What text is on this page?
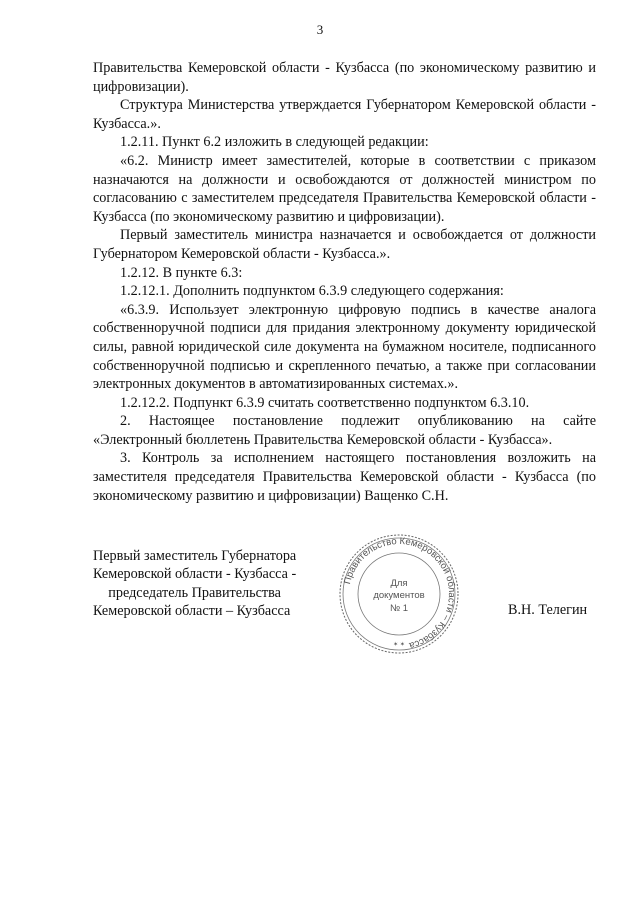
3

Правительства Кемеровской области - Кузбасса (по экономическому развитию и цифровизации).

Структура Министерства утверждается Губернатором Кемеровской области - Кузбасса.».

1.2.11. Пункт 6.2 изложить в следующей редакции:

«6.2. Министр имеет заместителей, которые в соответствии с приказом назначаются на должности и освобождаются от должностей министром по согласованию с заместителем председателя Правительства Кемеровской области - Кузбасса (по экономическому развитию и цифровизации).

Первый заместитель министра назначается и освобождается от должности Губернатором Кемеровской области - Кузбасса.».

1.2.12. В пункте 6.3:

1.2.12.1. Дополнить подпунктом 6.3.9 следующего содержания:

«6.3.9. Использует электронную цифровую подпись в качестве аналога собственноручной подписи для придания электронному документу юридической силы, равной юридической силе документа на бумажном носителе, подписанного собственноручной подписью и скрепленного печатью, а также при согласовании электронных документов в автоматизированных системах.».

1.2.12.2. Подпункт 6.3.9 считать соответственно подпунктом 6.3.10.

2. Настоящее постановление подлежит опубликованию на сайте «Электронный бюллетень Правительства Кемеровской области - Кузбасса».

3. Контроль за исполнением настоящего постановления возложить на заместителя председателя Правительства Кемеровской области - Кузбасса (по экономическому развитию и цифровизации) Ващенко С.Н.

Первый заместитель Губернатора
Кемеровской области - Кузбасса -
председатель Правительства
Кемеровской области – Кузбасса
Правительство Кемеровской области – Кузбасса
✶ ✶
Для
документов
№ 1	В.Н. Телегин
